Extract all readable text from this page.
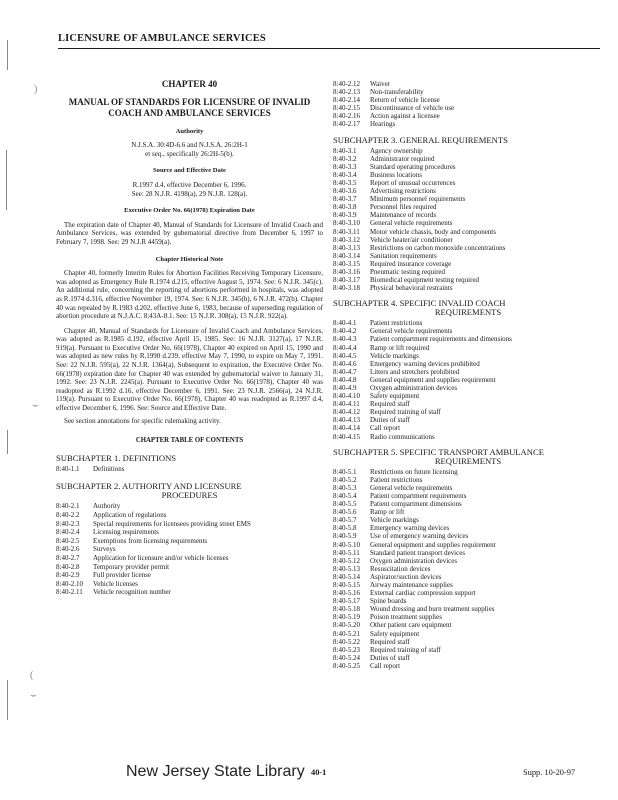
LICENSURE OF AMBULANCE SERVICES
)
⌣
(
⌣
CHAPTER 40
MANUAL OF STANDARDS FOR LICENSURE OF INVALID COACH AND AMBULANCE SERVICES
Authority
N.J.S.A. 30:4D-6.6 and N.J.S.A. 26:2H-1
et seq., specifically 26:2H-5(b).
Source and Effective Date
R.1997 d.4, effective December 6, 1996.
See: 28 N.J.R. 4198(a), 29 N.J.R. 128(a).
Executive Order No. 66(1978) Expiration Date

The expiration date of Chapter 40, Manual of Standards for Licensure of Invalid Coach and Ambulance Services, was extended by gubernatorial directive from December 6, 1997 to February 7, 1998. See: 29 N.J.R 4459(a).

Chapter Historical Note

Chapter 40, formerly Interim Rules for Abortion Facilities Receiving Temporary Licensure, was adopted as Emergency Rule R.1974 d.215, effective August 5, 1974. See: 6 N.J.R. 345(c). An additional rule, concerning the reporting of abortions performed in hospitals, was adopted as R.1974 d.316, effective November 19, 1974. See: 6 N.J.R. 345(b), 6 N.J.R. 472(b). Chapter 40 was repealed by R.1983 d.202, effective June 6, 1983, because of superseding regulation of abortion procedure at N.J.A.C. 8:43A-8.1. See: 15 N.J.R. 308(a), 15 N.J.R. 922(a).

Chapter 40, Manual of Standards for Licensure of Invalid Coach and Ambulance Services, was adopted as R.1985 d.192, effective April 15, 1985. See: 16 N.J.R. 3127(a), 17 N.J.R. 919(a). Pursuant to Executive Order No. 66(1978), Chapter 40 expired on April 15, 1990 and was adopted as new rules by R.1990 d.239, effective May 7, 1990, to expire on May 7, 1991. See: 22 N.J.R. 595(a), 22 N.J.R. 1364(a). Subsequent to expiration, the Executive Order No. 66(1978) expiration date for Chapter 40 was extended by gubernatorial waiver to January 31, 1992. See: 23 N.J.R. 2245(a). Pursuant to Executive Order No. 66(1978), Chapter 40 was readopted as R.1992 d.16, effective December 6, 1991. See: 23 N.J.R. 2566(a), 24 N.J.R. 119(a). Pursuant to Executive Order No. 66(1978), Chapter 40 was readopted as R.1997 d.4, effective December 6, 1996. See: Source and Effective Date.

See section annotations for specific rulemaking activity.

CHAPTER TABLE OF CONTENTS
SUBCHAPTER 1. DEFINITIONS
8:40-1.1	Definitions
SUBCHAPTER 2. AUTHORITY AND LICENSURE
PROCEDURES
8:40-2.1	Authority
8:40-2.2	Application of regulations
8:40-2.3	Special requirements for licensees providing street EMS
8:40-2.4	Licensing requirements
8:40-2.5	Exemptions from licensing requirements
8:40-2.6	Surveys
8:40-2.7	Application for licensure and/or vehicle licenses
8:40-2.8	Temporary provider permit
8:40-2.9	Full provider license
8:40-2.10	Vehicle licenses
8:40-2.11	Vehicle recognition number
8:40-2.12	Waiver
8:40-2.13	Non-transferability
8:40-2.14	Return of vehicle license
8:40-2.15	Discontinuance of vehicle use
8:40-2.16	Action against a licensee
8:40-2.17	Hearings
SUBCHAPTER 3. GENERAL REQUIREMENTS
8:40-3.1	Agency ownership
8:40-3.2	Administrator required
8:40-3.3	Standard operating procedures
8:40-3.4	Business locations
8:40-3.5	Report of unusual occurrences
8:40-3.6	Advertising restrictions
8:40-3.7	Minimum personnel requirements
8:40-3.8	Personnel files required
8:40-3.9	Maintenance of records
8:40-3.10	General vehicle requirements
8:40-3.11	Motor vehicle chassis, body and components
8:40-3.12	Vehicle heater/air conditioner
8:40-3.13	Restrictions on carbon monoxide concentrations
8:40-3.14	Sanitation requirements
8:40-3.15	Required insurance coverage
8:40-3.16	Pneumatic testing required
8:40-3.17	Biomedical equipment testing required
8:40-3.18	Physical behavioral restraints
SUBCHAPTER 4. SPECIFIC INVALID COACH
REQUIREMENTS
8:40-4.1	Patient restrictions
8:40-4.2	General vehicle requirements
8:40-4.3	Patient compartment requirements and dimensions
8:40-4.4	Ramp or lift required
8:40-4.5	Vehicle markings
8:40-4.6	Emergency warning devices prohibited
8:40-4.7	Litters and stretchers prohibited
8:40-4.8	General equipment and supplies requirement
8:40-4.9	Oxygen administration devices
8:40-4.10	Safety equipment
8:40-4.11	Required staff
8:40-4.12	Required training of staff
8:40-4.13	Duties of staff
8:40-4.14	Call report
8:40-4.15	Radio communications
SUBCHAPTER 5. SPECIFIC TRANSPORT AMBULANCE
REQUIREMENTS
8:40-5.1	Restrictions on future licensing
8:40-5.2	Patient restrictions
8:40-5.3	General vehicle requirements
8:40-5.4	Patient compartment requirements
8:40-5.5	Patient compartment dimensions
8:40-5.6	Ramp or lift
8:40-5.7	Vehicle markings
8:40-5.8	Emergency warning devices
8:40-5.9	Use of emergency warning devices
8:40-5.10	General equipment and supplies requirement
8:40-5.11	Standard patient transport devices
8:40-5.12	Oxygen administration devices
8:40-5.13	Resuscitation devices
8:40-5.14	Aspirator/suction devices
8:40-5.15	Airway maintenance supplies
8:40-5.16	External cardiac compression support
8:40-5.17	Spine boards
8:40-5.18	Wound dressing and burn treatment supplies
8:40-5.19	Poison treatment supplies
8:40-5.20	Other patient care equipment
8:40-5.21	Safety equipment
8:40-5.22	Required staff
8:40-5.23	Required training of staff
8:40-5.24	Duties of staff
8:40-5.25	Call report
New Jersey State Library 40-1	Supp. 10-20-97
